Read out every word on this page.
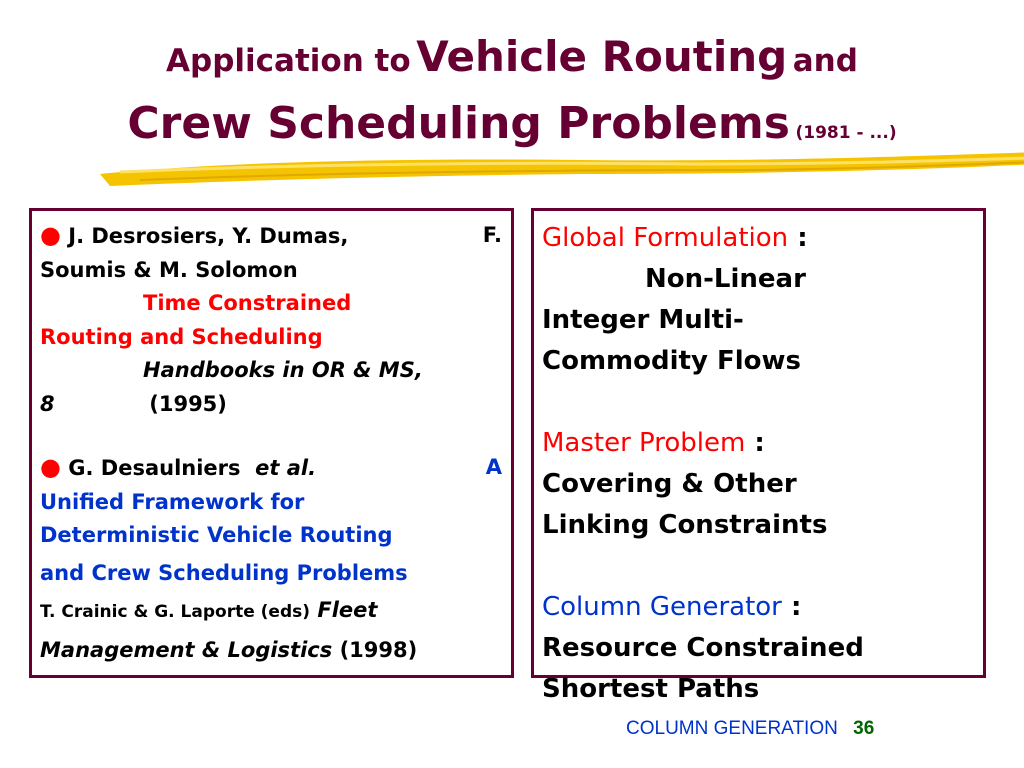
Application to Vehicle Routing and
Crew Scheduling Problems (1981 - ...)
● J. Desrosiers, Y. Dumas,	F.
Soumis & M. Solomon
Time Constrained
Routing and Scheduling
Handbooks in OR & MS,
8	(1995)
● G. Desaulniers et al.	A
Unified Framework for
Deterministic Vehicle Routing
and Crew Scheduling Problems
T. Crainic & G. Laporte (eds) Fleet
Management & Logistics (1998)
Global Formulation :
Non-Linear
Integer Multi-
Commodity Flows
Master Problem :
Covering & Other
Linking Constraints
Column Generator :
Resource Constrained
Shortest Paths
COLUMN GENERATION 36
